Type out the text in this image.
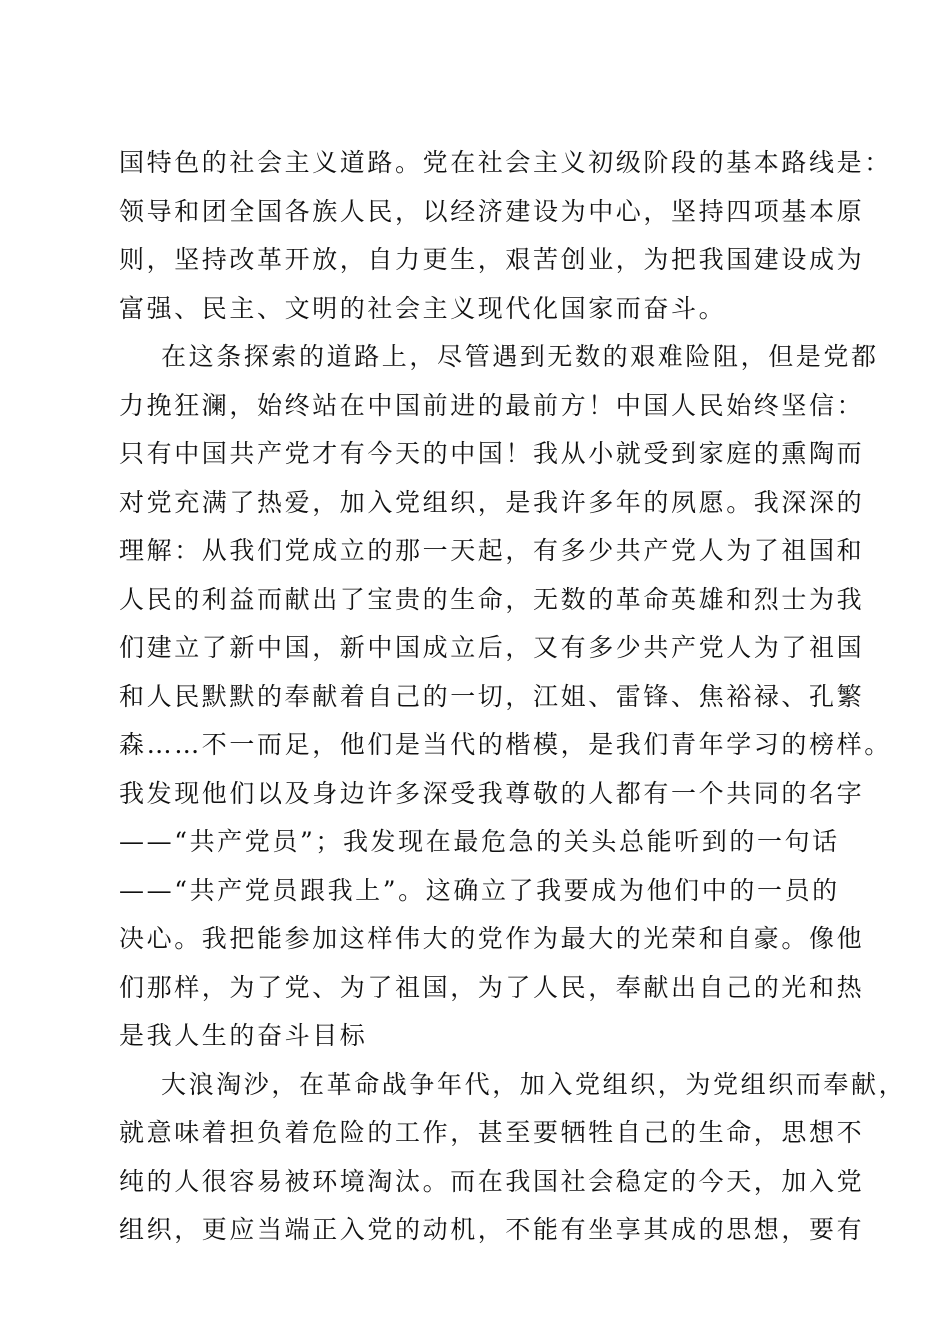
国特色的社会主义道路。党在社会主义初级阶段的基本路线是：
领导和团全国各族人民，以经济建设为中心，坚持四项基本原
则，坚持改革开放，自力更生，艰苦创业，为把我国建设成为
富强、民主、文明的社会主义现代化国家而奋斗。
在这条探索的道路上，尽管遇到无数的艰难险阻，但是党都
力挽狂澜，始终站在中国前进的最前方！中国人民始终坚信：
只有中国共产党才有今天的中国！我从小就受到家庭的熏陶而
对党充满了热爱，加入党组织，是我许多年的夙愿。我深深的
理解：从我们党成立的那一天起，有多少共产党人为了祖国和
人民的利益而献出了宝贵的生命，无数的革命英雄和烈士为我
们建立了新中国，新中国成立后，又有多少共产党人为了祖国
和人民默默的奉献着自己的一切，江姐、雷锋、焦裕禄、孔繁
森……不一而足，他们是当代的楷模，是我们青年学习的榜样。
我发现他们以及身边许多深受我尊敬的人都有一个共同的名字
——“共产党员”；我发现在最危急的关头总能听到的一句话
——“共产党员跟我上”。这确立了我要成为他们中的一员的
决心。我把能参加这样伟大的党作为最大的光荣和自豪。像他
们那样，为了党、为了祖国，为了人民，奉献出自己的光和热
是我人生的奋斗目标
大浪淘沙，在革命战争年代，加入党组织，为党组织而奉献，
就意味着担负着危险的工作，甚至要牺牲自己的生命，思想不
纯的人很容易被环境淘汰。而在我国社会稳定的今天，加入党
组织，更应当端正入党的动机，不能有坐享其成的思想，要有
